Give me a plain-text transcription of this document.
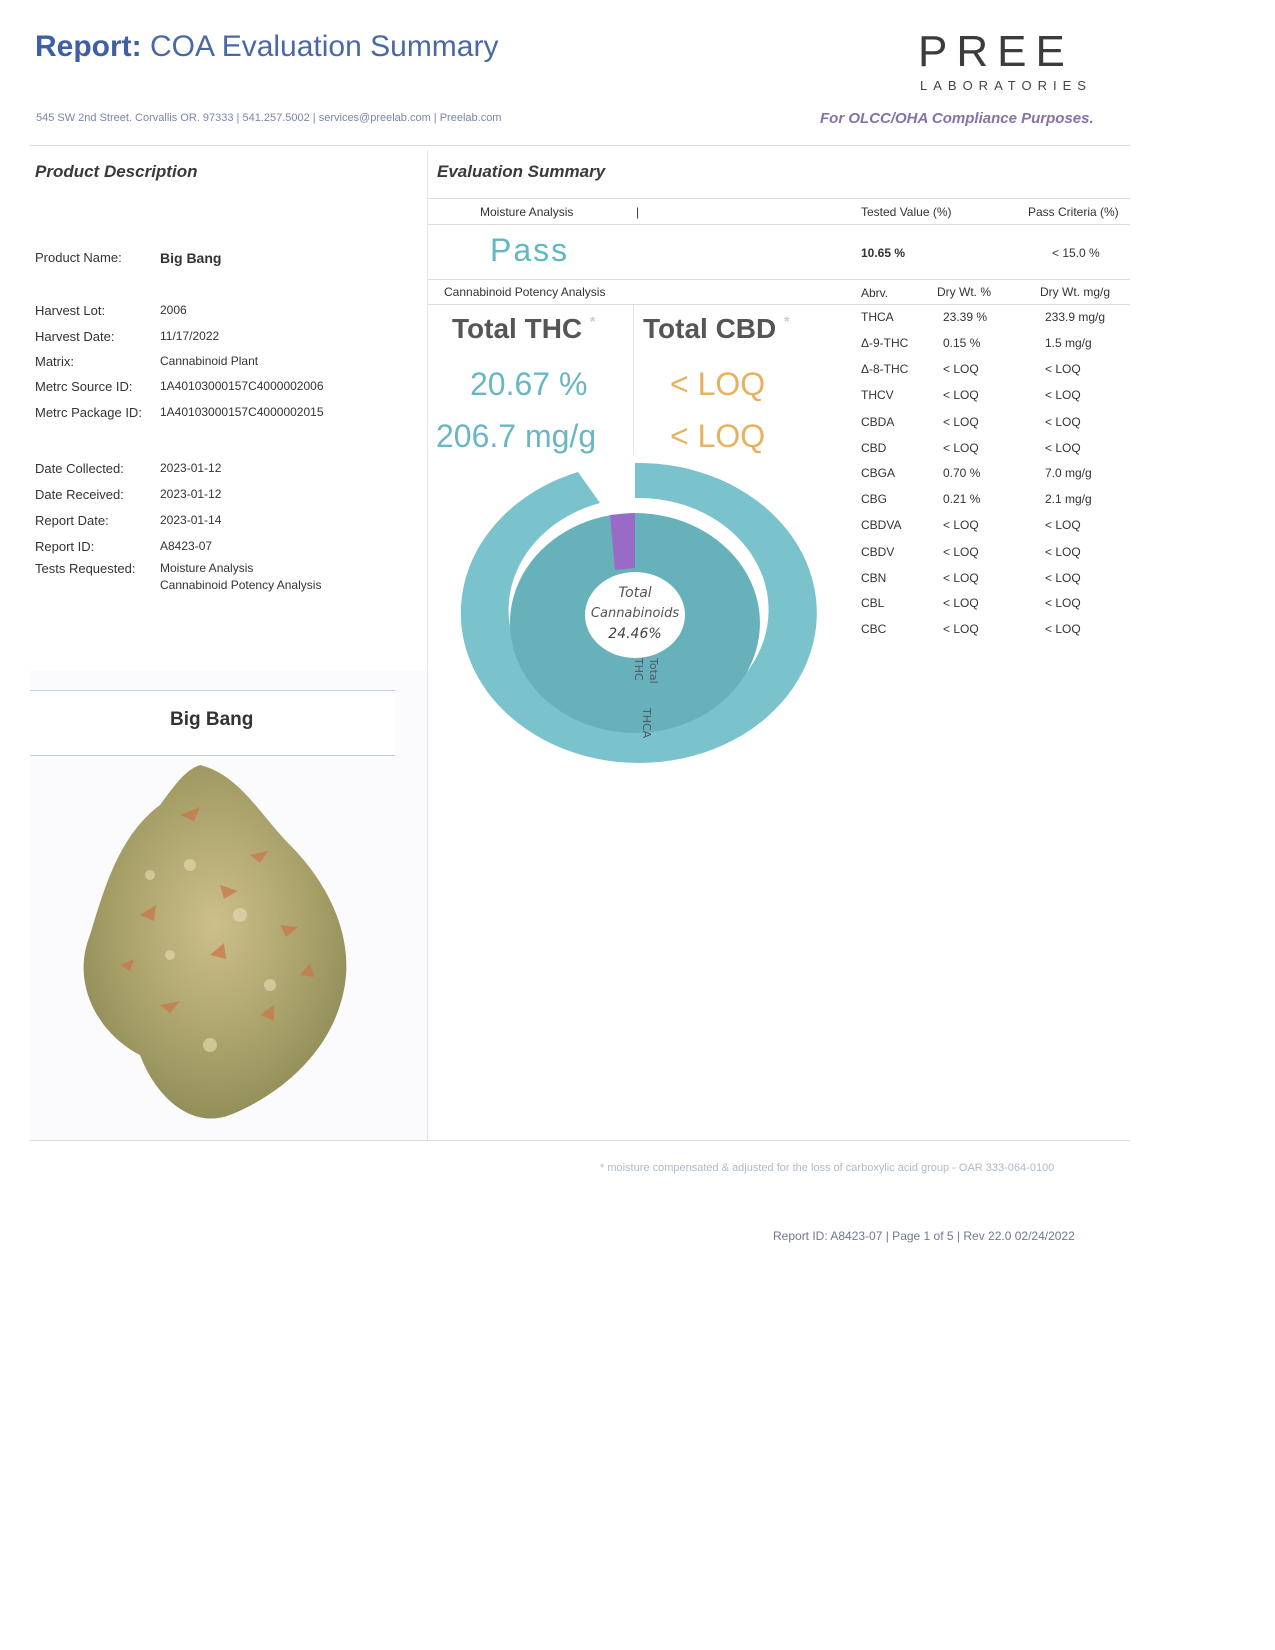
Report: COA Evaluation Summary	PREE
LABORATORIES
545 SW 2nd Street. Corvallis OR. 97333 | 541.257.5002 | services@preelab.com | Preelab.com	For OLCC/OHA Compliance Purposes.
Product Description
Product Name:	Big Bang
Harvest Lot:	2006
Harvest Date:	11/17/2022
Matrix:	Cannabinoid Plant
Metrc Source ID: 1A40103000157C4000002006
Metrc Package ID: 1A40103000157C4000002015
Date Collected:	2023-01-12
Date Received:	2023-01-12
Report Date:	2023-01-14
Report ID:	A8423-07
Tests Requested: Moisture Analysis
Cannabinoid Potency Analysis
Big Bang
Evaluation Summary
Moisture Analysis	|	Tested Value (%)	Pass Criteria (%)
Pass	10.65 %	< 15.0 %
Cannabinoid Potency Analysis	Abrv.	Dry Wt. %	Dry Wt. mg/g
Total THC * Total CBD *
20.67 %	< LOQ
206.7 mg/g < LOQ
Total
Cannabinoids
24.46%
Total
THC
THCA
THCA	23.39 %	233.9 mg/g
Δ-9-THC	0.15 %	1.5 mg/g
Δ-8-THC	< LOQ	< LOQ
THCV	< LOQ	< LOQ
CBDA	< LOQ	< LOQ
CBD	< LOQ	< LOQ
CBGA	0.70 %	7.0 mg/g
CBG	0.21 %	2.1 mg/g
CBDVA	< LOQ	< LOQ
CBDV	< LOQ	< LOQ
CBN	< LOQ	< LOQ
CBL	< LOQ	< LOQ
CBC	< LOQ	< LOQ
* moisture compensated & adjusted for the loss of carboxylic acid group - OAR 333-064-0100
Report ID: A8423-07 | Page 1 of 5 | Rev 22.0 02/24/2022
